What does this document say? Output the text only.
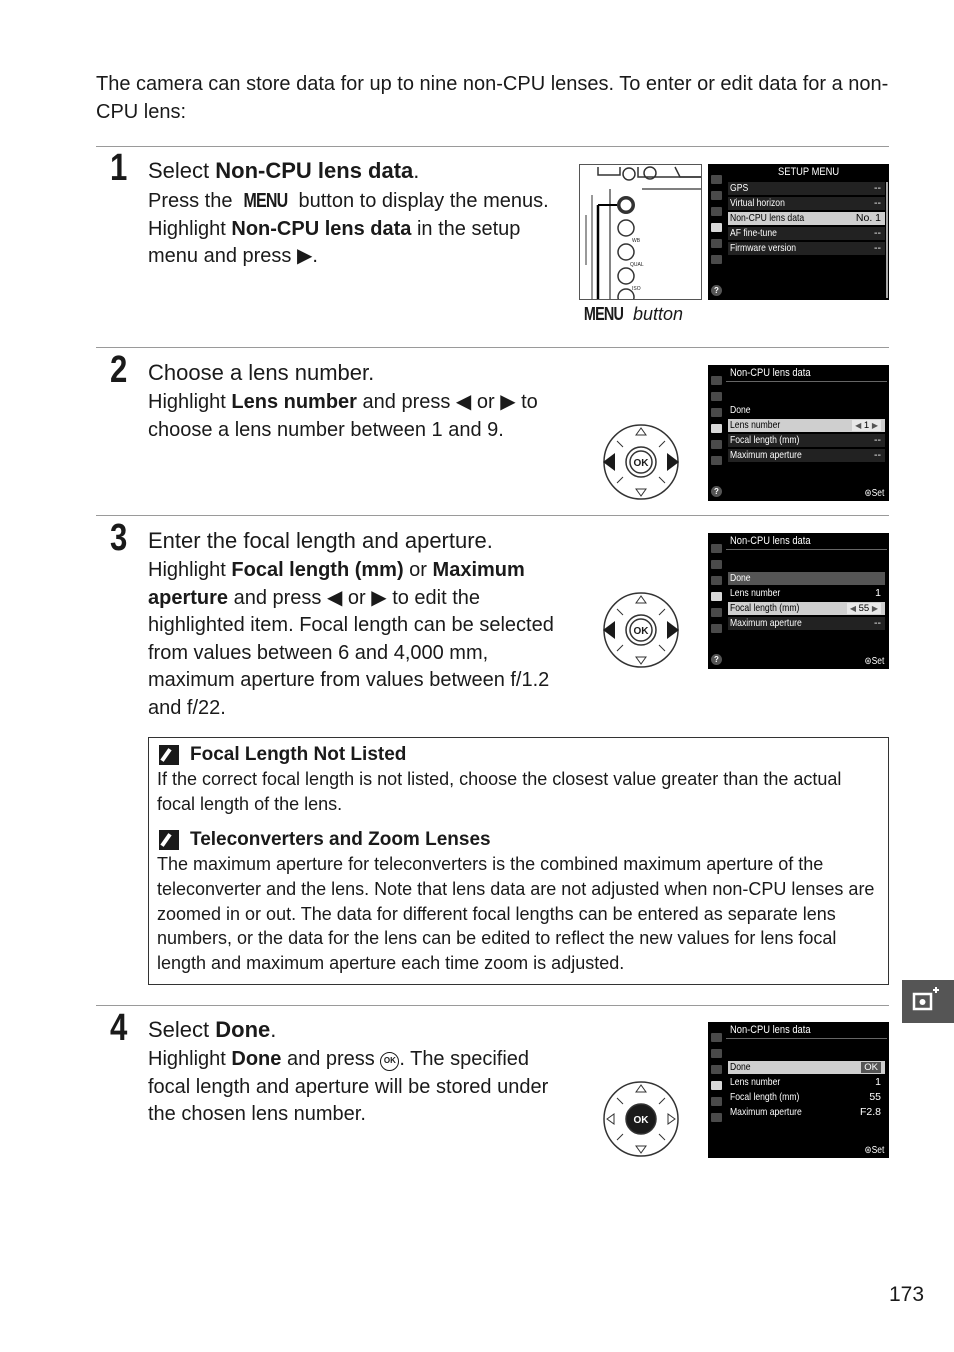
The camera can store data for up to nine non-CPU lenses. To enter or edit data for a non-CPU lens:

1 Select Non-CPU lens data.

Press the MENU button to display the menus. Highlight Non-CPU lens data in the setup menu and press ▶.

WB
QUAL
ISO
MENU button
?
SETUP MENU
GPS	--
Virtual horizon	--
Non-CPU lens data	No. 1
AF fine-tune	--
Firmware version	--
2 Choose a lens number.

Highlight Lens number and press ◀ or ▶ to choose a lens number between 1 and 9.

OK
?
Non-CPU lens data
Done
Lens number	◀ 1 ▶
Focal length (mm)	--
Maximum aperture	--
⊛Set
3 Enter the focal length and aperture.

Highlight Focal length (mm) or Maximum aperture and press ◀ or ▶ to edit the highlighted item. Focal length can be selected from values between 6 and 4,000 mm, maximum aperture from values between f/1.2 and f/22.

OK
?
Non-CPU lens data
Done
Lens number	1
Focal length (mm)	◀ 55 ▶
Maximum aperture	--
⊛Set
Focal Length Not Listed

If the correct focal length is not listed, choose the closest value greater than the actual focal length of the lens.

Teleconverters and Zoom Lenses

The maximum aperture for teleconverters is the combined maximum aperture of the teleconverter and the lens. Note that lens data are not adjusted when non-CPU lenses are zoomed in or out. The data for different focal lengths can be entered as separate lens numbers, or the data for the lens can be edited to reflect the new values for lens focal length and maximum aperture each time zoom is adjusted.

4 Select Done.

Highlight Done and press OK . The specified focal length and aperture will be stored under the chosen lens number.	OK
Non-CPU lens data
Done	OK
Lens number	1
Focal length (mm)	55
Maximum aperture	F2.8
⊛Set
173
